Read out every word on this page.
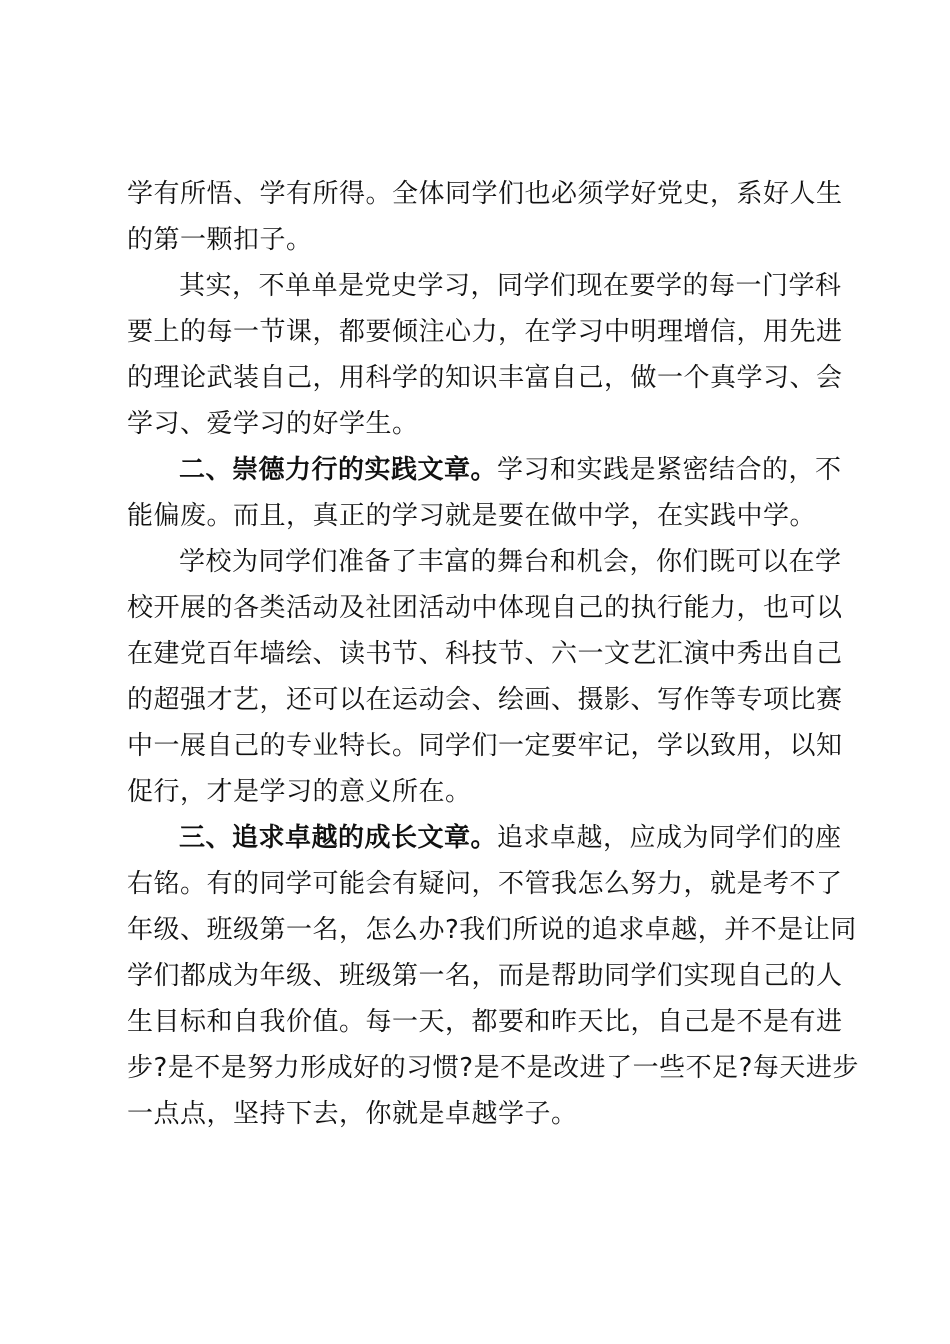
学有所悟、学有所得。全体同学们也必须学好党史，系好人生
的第一颗扣子。
其实，不单单是党史学习，同学们现在要学的每一门学科
要上的每一节课，都要倾注心力，在学习中明理增信，用先进
的理论武装自己，用科学的知识丰富自己，做一个真学习、会
学习、爱学习的好学生。
二、崇德力行的实践文章。学习和实践是紧密结合的，不
能偏废。而且，真正的学习就是要在做中学，在实践中学。
学校为同学们准备了丰富的舞台和机会，你们既可以在学
校开展的各类活动及社团活动中体现自己的执行能力，也可以
在建党百年墙绘、读书节、科技节、六一文艺汇演中秀出自己
的超强才艺，还可以在运动会、绘画、摄影、写作等专项比赛
中一展自己的专业特长。同学们一定要牢记，学以致用，以知
促行，才是学习的意义所在。
三、追求卓越的成长文章。追求卓越，应成为同学们的座
右铭。有的同学可能会有疑问，不管我怎么努力，就是考不了
年级、班级第一名，怎么办?我们所说的追求卓越，并不是让同
学们都成为年级、班级第一名，而是帮助同学们实现自己的人
生目标和自我价值。每一天，都要和昨天比，自己是不是有进
步?是不是努力形成好的习惯?是不是改进了一些不足?每天进步
一点点，坚持下去，你就是卓越学子。
